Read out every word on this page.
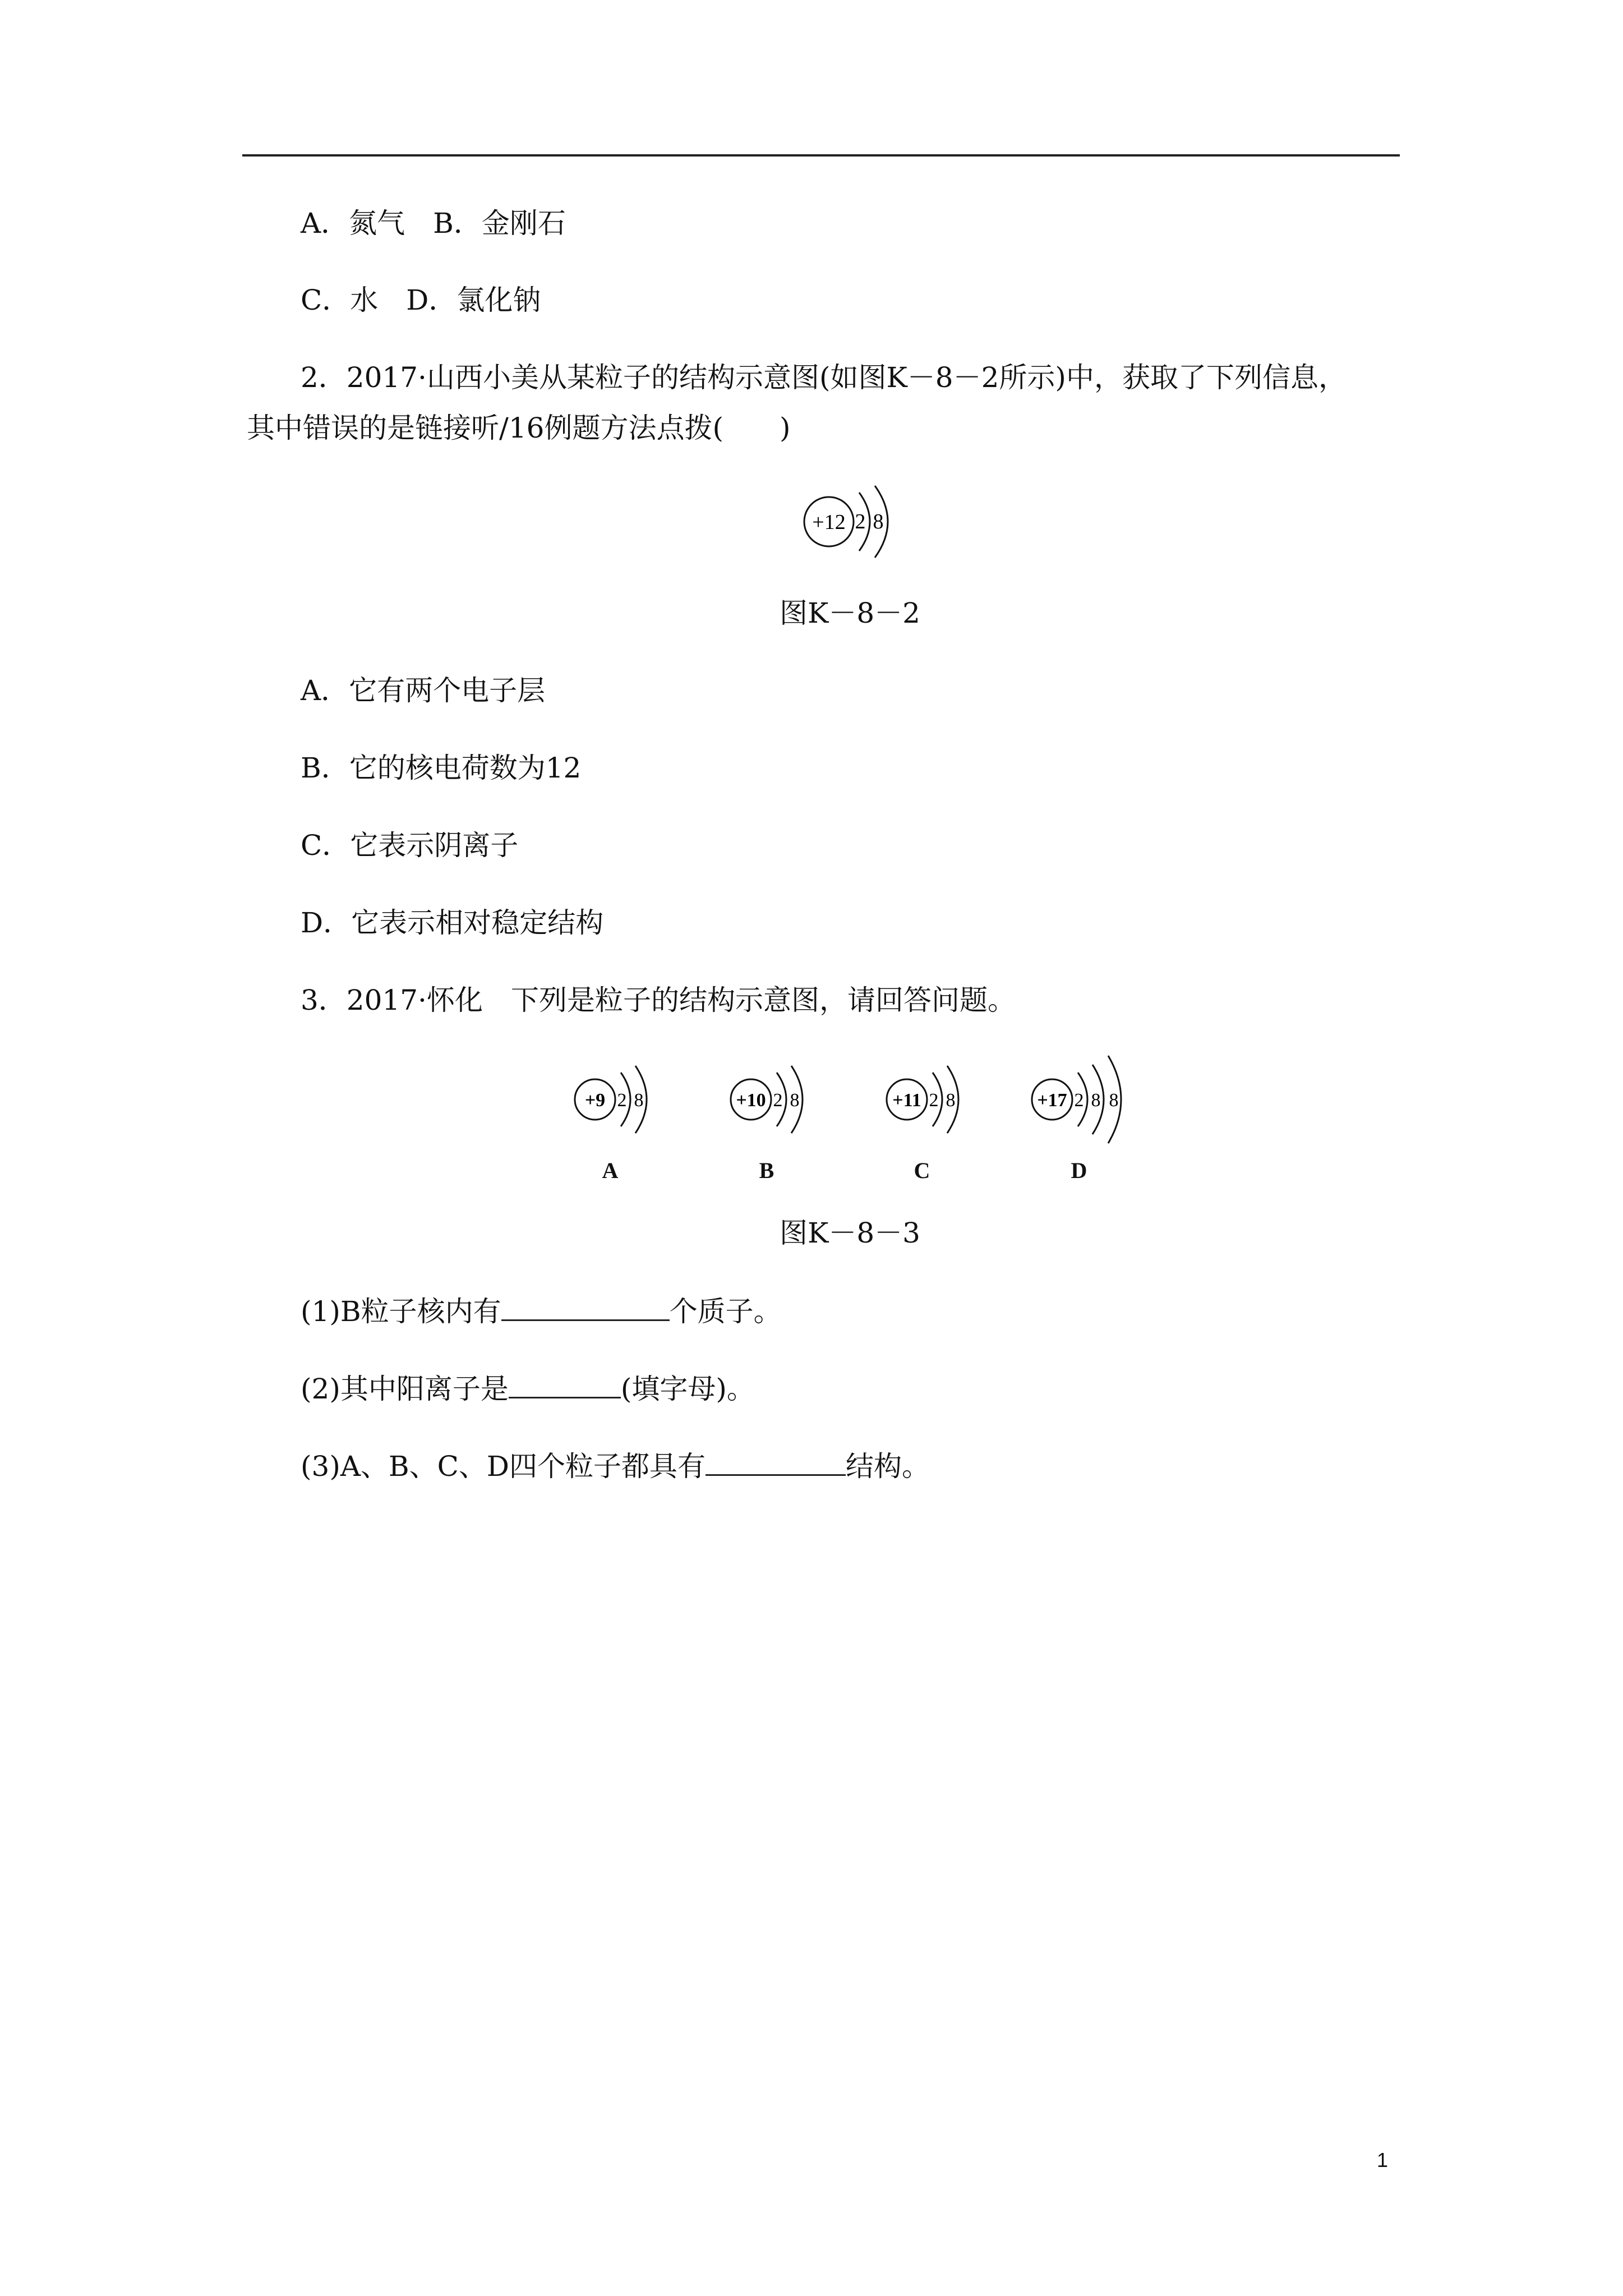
A．氮气　B．金刚石
C．水　D．氯化钠
2．2017·山西小美从某粒子的结构示意图(如图K－8－2所示)中，获取了下列信息，
其中错误的是链接听/16例题方法点拨(　　)
+12 2 8
图K－8－2
A．它有两个电子层
B．它的核电荷数为12
C．它表示阴离子
D．它表示相对稳定结构
3．2017·怀化　下列是粒子的结构示意图，请回答问题。
+9 2 8
A
+10 2 8
B
+11 2 8
C
+17 2 8 8
D
图K－8－3
(1)B粒子核内有	个质子。
(2)其中阳离子是	(填字母)。
(3)A、B、C、D四个粒子都具有	结构。
1
